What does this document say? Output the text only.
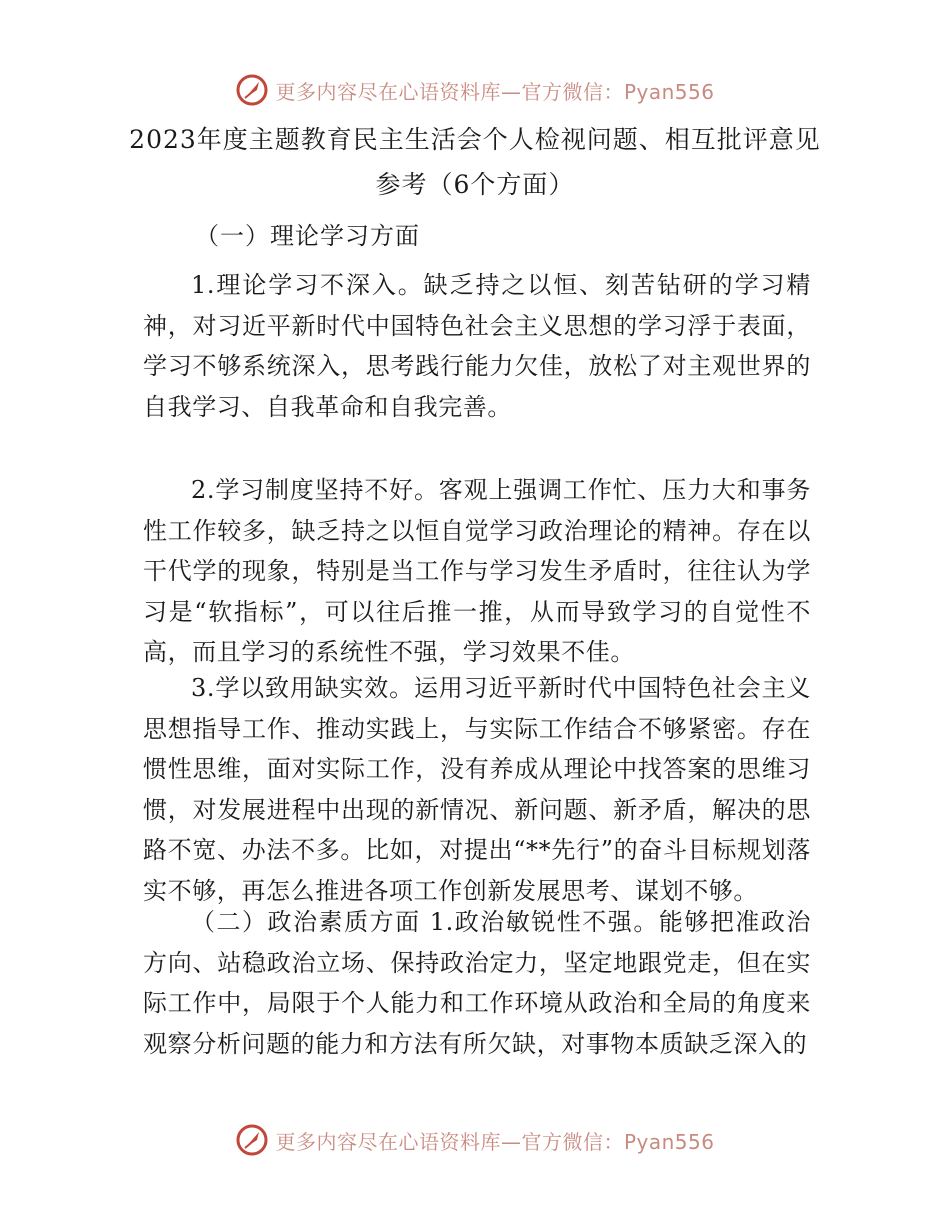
更多内容尽在心语资料库—官方微信：Pyan556
2023年度主题教育民主生活会个人检视问题、相互批评意见
参考（6个方面）
（一）理论学习方面
1.理论学习不深入。缺乏持之以恒、刻苦钻研的学习精神，对习近平新时代中国特色社会主义思想的学习浮于表面，学习不够系统深入，思考践行能力欠佳，放松了对主观世界的自我学习、自我革命和自我完善。
2.学习制度坚持不好。客观上强调工作忙、压力大和事务性工作较多，缺乏持之以恒自觉学习政治理论的精神。存在以干代学的现象，特别是当工作与学习发生矛盾时，往往认为学习是“软指标”，可以往后推一推，从而导致学习的自觉性不高，而且学习的系统性不强，学习效果不佳。
3.学以致用缺实效。运用习近平新时代中国特色社会主义思想指导工作、推动实践上，与实际工作结合不够紧密。存在惯性思维，面对实际工作，没有养成从理论中找答案的思维习惯，对发展进程中出现的新情况、新问题、新矛盾，解决的思路不宽、办法不多。比如，对提出“**先行”的奋斗目标规划落实不够，再怎么推进各项工作创新发展思考、谋划不够。
（二）政治素质方面 1.政治敏锐性不强。能够把准政治方向、站稳政治立场、保持政治定力，坚定地跟党走，但在实际工作中，局限于个人能力和工作环境从政治和全局的角度来观察分析问题的能力和方法有所欠缺，对事物本质缺乏深入的
更多内容尽在心语资料库—官方微信：Pyan556
